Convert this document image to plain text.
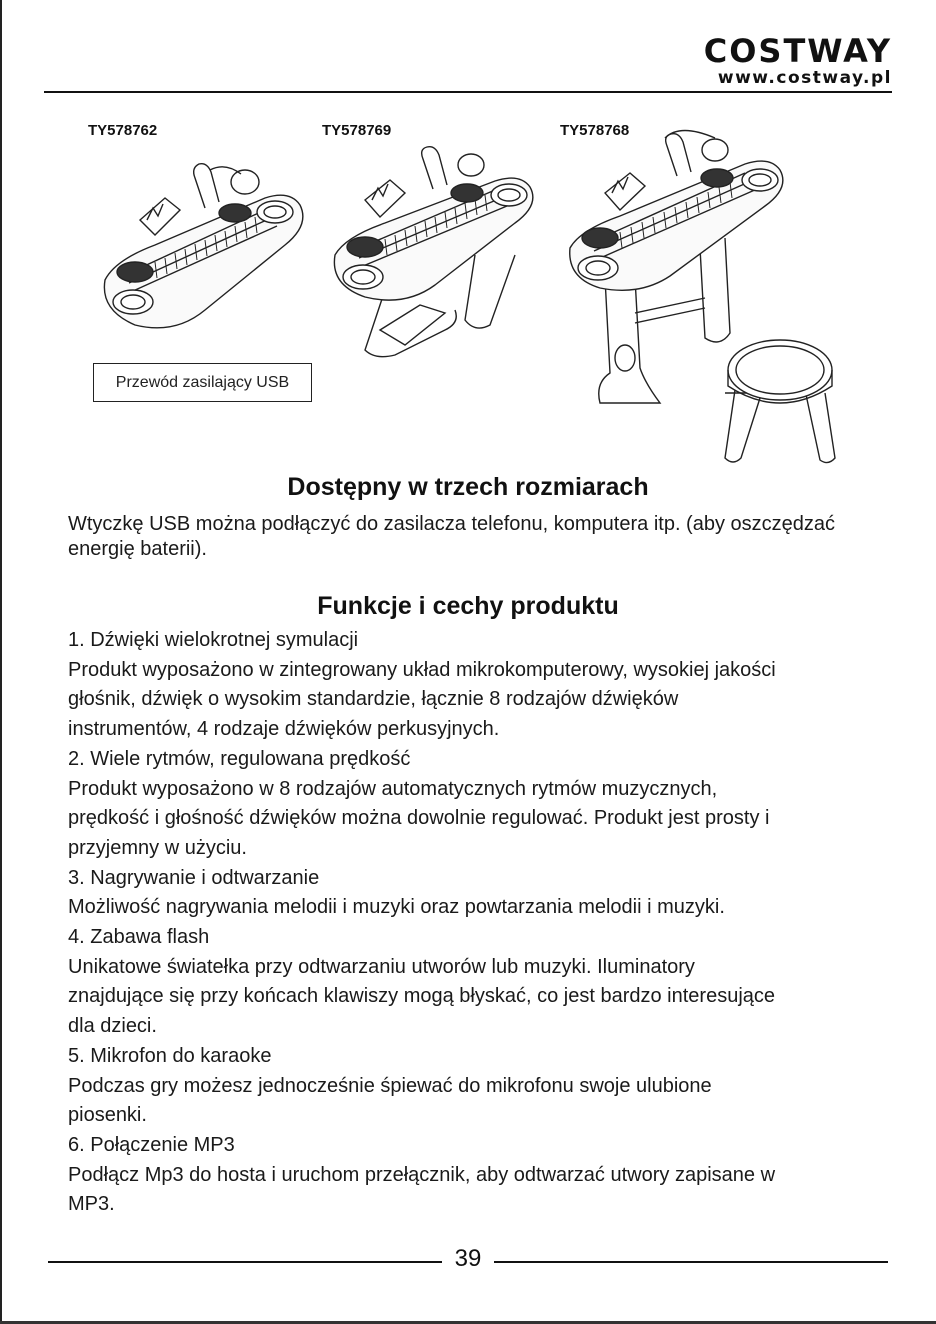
COSTWAY
www.costway.pl
TY578762	TY578769	TY578768
Przewód zasilający USB
Dostępny w trzech rozmiarach
Wtyczkę USB można podłączyć do zasilacza telefonu, komputera itp. (aby oszczędzać energię baterii).
Funkcje i cechy produktu

1. Dźwięki wielokrotnej symulacji

Produkt wyposażono w zintegrowany układ mikrokomputerowy, wysokiej jakości

głośnik, dźwięk o wysokim standardzie, łącznie 8 rodzajów dźwięków

instrumentów, 4 rodzaje dźwięków perkusyjnych.

2. Wiele rytmów, regulowana prędkość

Produkt wyposażono w 8 rodzajów automatycznych rytmów muzycznych,

prędkość i głośność dźwięków można dowolnie regulować. Produkt jest prosty i

przyjemny w użyciu.

3. Nagrywanie i odtwarzanie

Możliwość nagrywania melodii i muzyki oraz powtarzania melodii i muzyki.

4. Zabawa flash

Unikatowe światełka przy odtwarzaniu utworów lub muzyki. Iluminatory

znajdujące się przy końcach klawiszy mogą błyskać, co jest bardzo interesujące

dla dzieci.

5. Mikrofon do karaoke

Podczas gry możesz jednocześnie śpiewać do mikrofonu swoje ulubione

piosenki.

6. Połączenie MP3

Podłącz Mp3 do hosta i uruchom przełącznik, aby odtwarzać utwory zapisane w

MP3.

39
